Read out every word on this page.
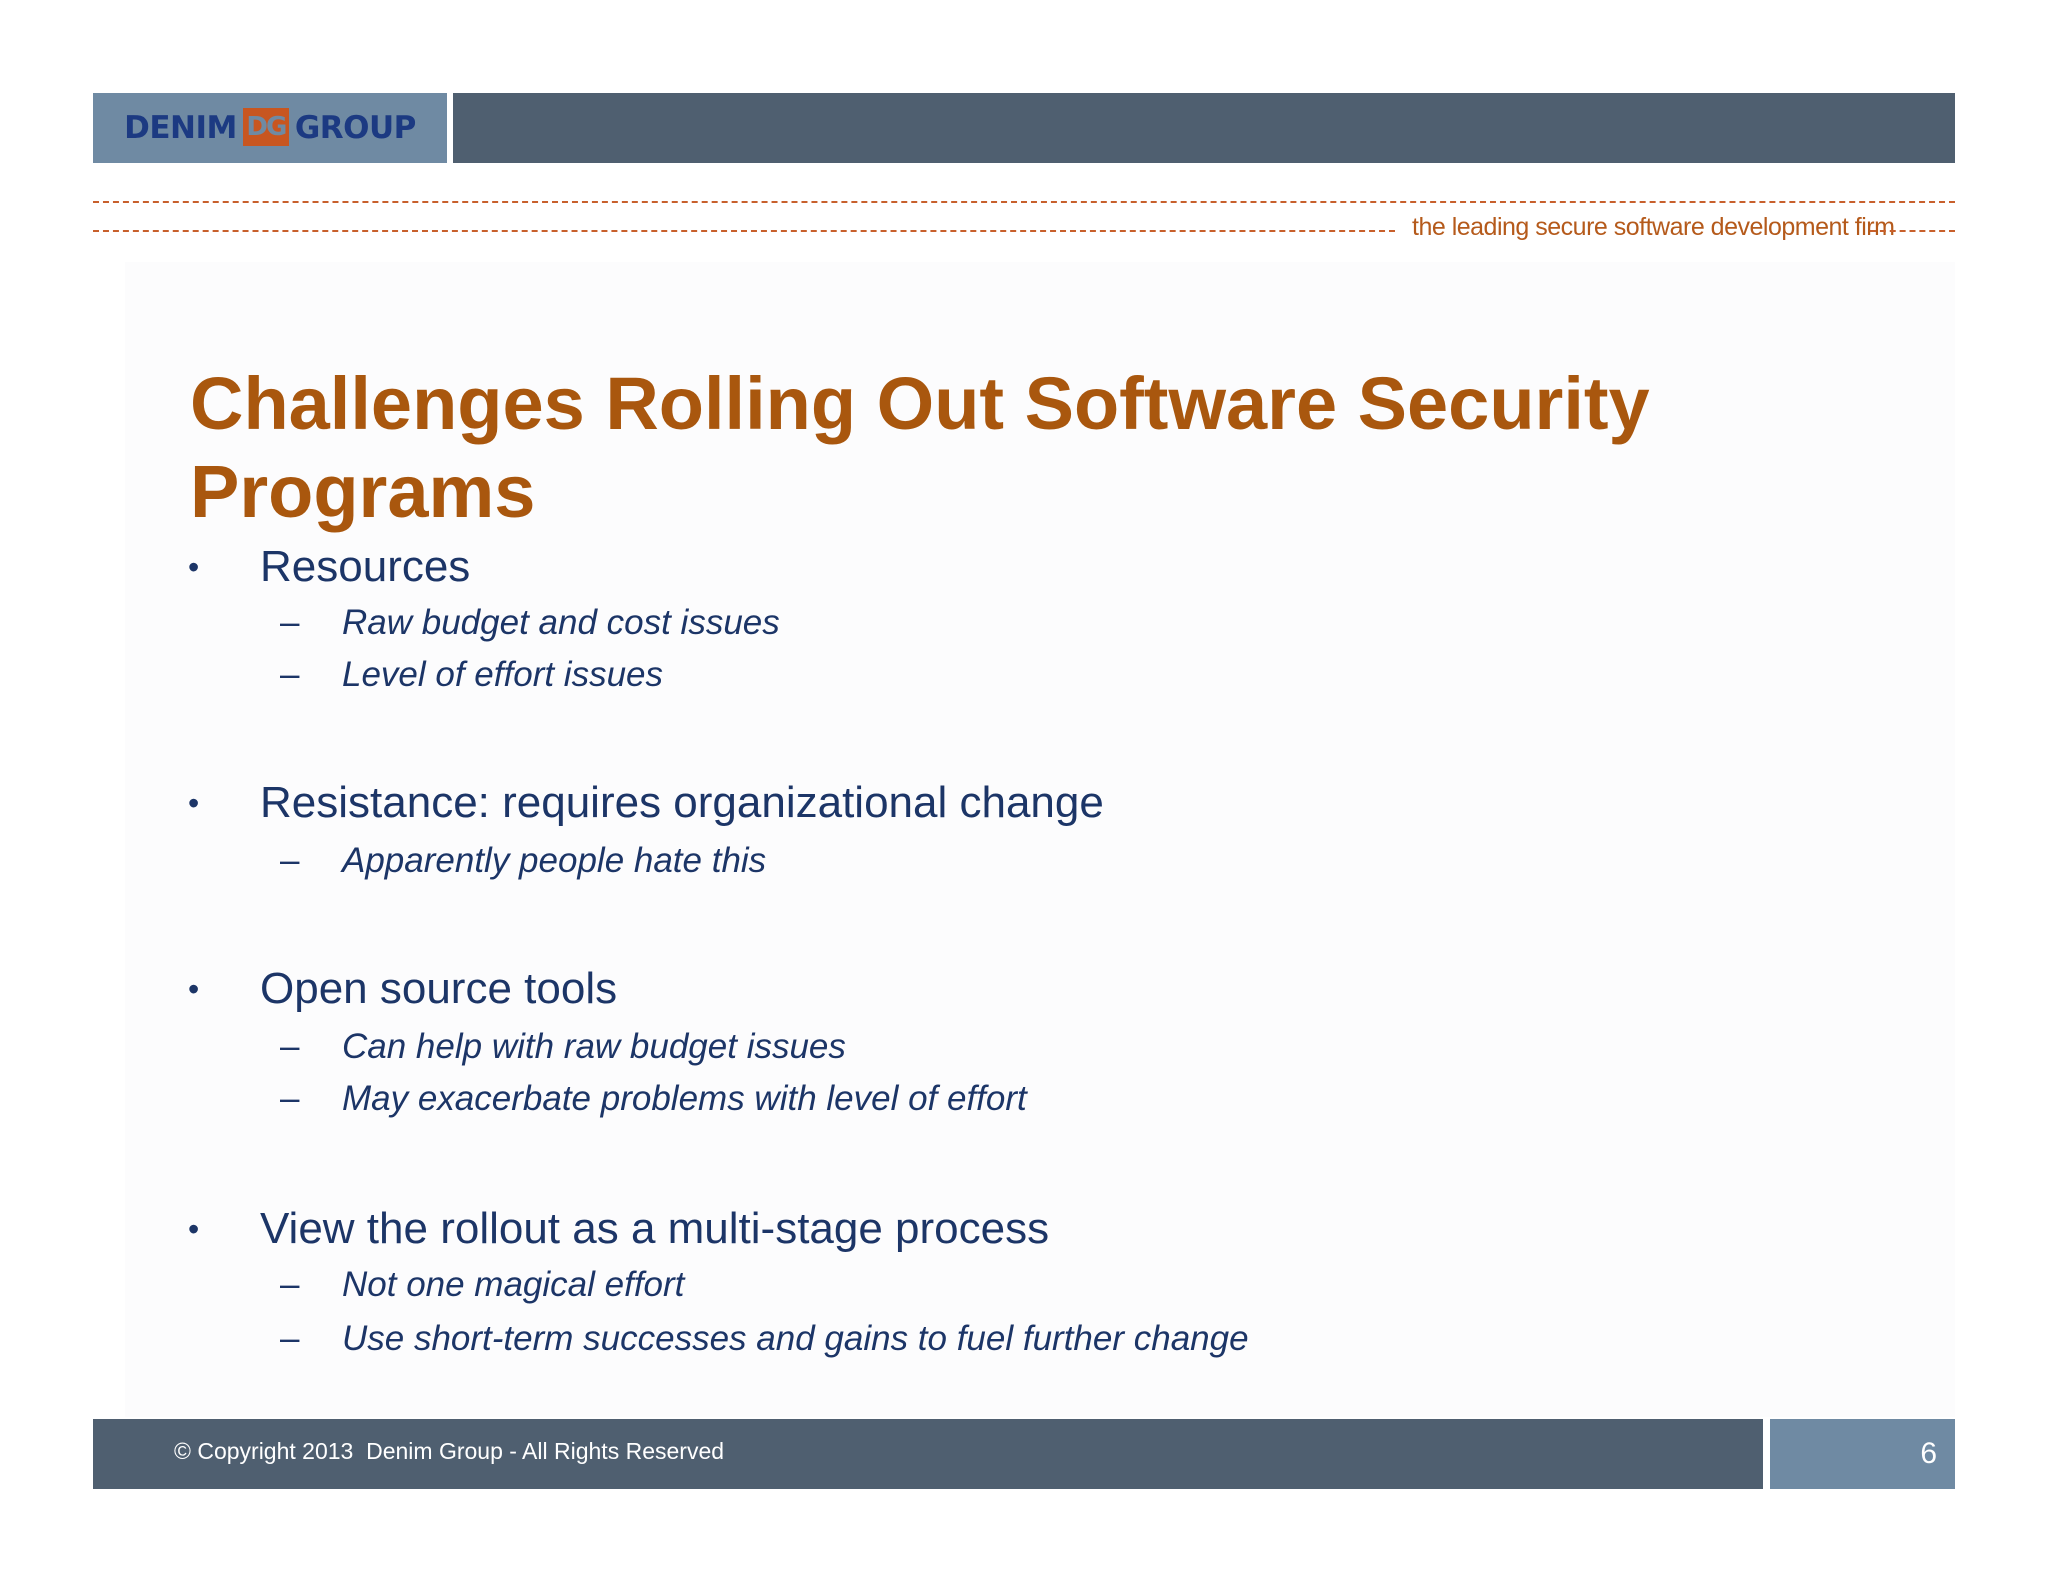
DENIM DG GROUP
the leading secure software development firm
Challenges Rolling Out Software Security Programs
• Resources
– Raw budget and cost issues
– Level of effort issues
• Resistance: requires organizational change
– Apparently people hate this
• Open source tools
– Can help with raw budget issues
– May exacerbate problems with level of effort
• View the rollout as a multi-stage process
– Not one magical effort
– Use short-term successes and gains to fuel further change
© Copyright 2013  Denim Group - All Rights Reserved	6
